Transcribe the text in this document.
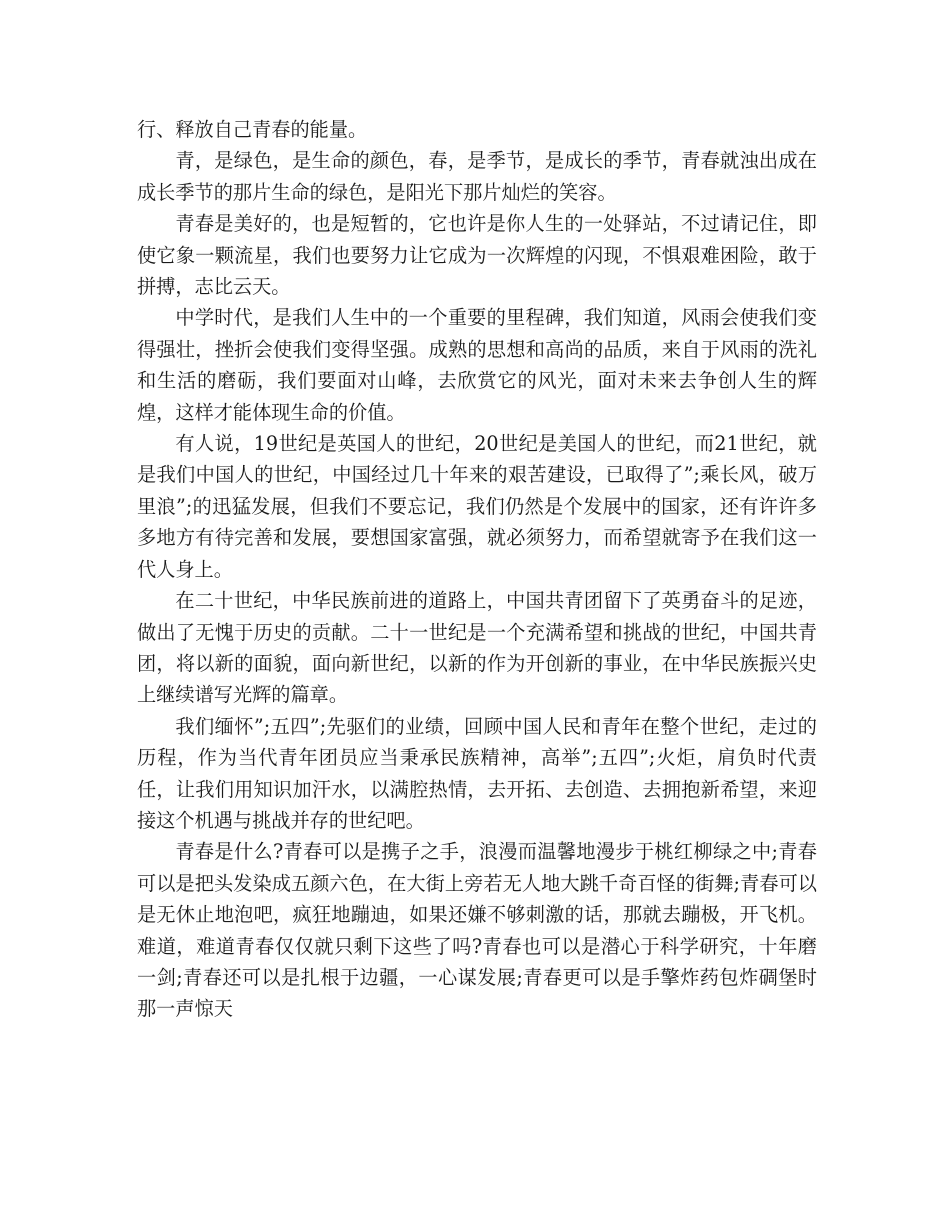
行、释放自己青春的能量。

青，是绿色，是生命的颜色，春，是季节，是成长的季节，青春就浊出成在成长季节的那片生命的绿色，是阳光下那片灿烂的笑容。

青春是美好的，也是短暂的，它也许是你人生的一处驿站，不过请记住，即使它象一颗流星，我们也要努力让它成为一次辉煌的闪现，不惧艰难困险，敢于拼搏，志比云天。

中学时代，是我们人生中的一个重要的里程碑，我们知道，风雨会使我们变得强壮，挫折会使我们变得坚强。成熟的思想和高尚的品质，来自于风雨的洗礼和生活的磨砺，我们要面对山峰，去欣赏它的风光，面对未来去争创人生的辉煌，这样才能体现生命的价值。

有人说，19世纪是英国人的世纪，20世纪是美国人的世纪，而21世纪，就是我们中国人的世纪，中国经过几十年来的艰苦建设，已取得了”;乘长风，破万里浪”;的迅猛发展，但我们不要忘记，我们仍然是个发展中的国家，还有许许多多地方有待完善和发展，要想国家富强，就必须努力，而希望就寄予在我们这一代人身上。

在二十世纪，中华民族前进的道路上，中国共青团留下了英勇奋斗的足迹，做出了无愧于历史的贡献。二十一世纪是一个充满希望和挑战的世纪，中国共青团，将以新的面貌，面向新世纪，以新的作为开创新的事业，在中华民族振兴史上继续谱写光辉的篇章。

我们缅怀”;五四”;先驱们的业绩，回顾中国人民和青年在整个世纪，走过的历程，作为当代青年团员应当秉承民族精神，高举”;五四”;火炬，肩负时代责任，让我们用知识加汗水，以满腔热情，去开拓、去创造、去拥抱新希望，来迎接这个机遇与挑战并存的世纪吧。

青春是什么?青春可以是携子之手，浪漫而温馨地漫步于桃红柳绿之中;青春可以是把头发染成五颜六色，在大街上旁若无人地大跳千奇百怪的街舞;青春可以是无休止地泡吧，疯狂地蹦迪，如果还嫌不够刺激的话，那就去蹦极，开飞机。难道，难道青春仅仅就只剩下这些了吗?青春也可以是潜心于科学研究，十年磨一剑;青春还可以是扎根于边疆，一心谋发展;青春更可以是手擎炸药包炸碉堡时那一声惊天
